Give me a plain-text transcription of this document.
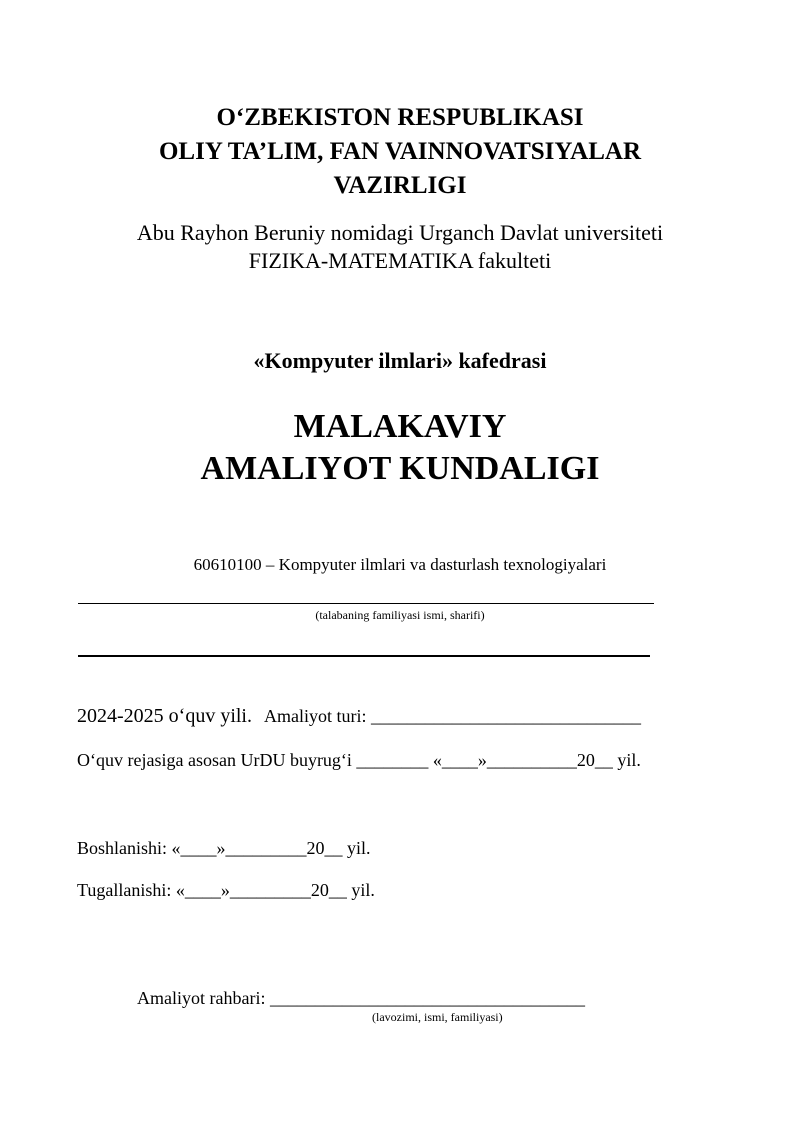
O‘ZBEKISTON RESPUBLIKASI
OLIY TA’LIM, FAN VAINNOVATSIYALAR
VAZIRLIGI
Abu Rayhon Beruniy nomidagi Urganch Davlat universiteti
FIZIKA-MATEMATIKA fakulteti
«Kompyuter ilmlari» kafedrasi
MALAKAVIY
AMALIYOT KUNDALIGI
60610100 – Kompyuter ilmlari va dasturlash texnologiyalari
(talabaning familiyasi ismi, sharifi)
2024-2025 o‘quv yili. Amaliyot turi: ______________________________
O‘quv rejasiga asosan UrDU buyrug‘i ________ «____»__________20__ yil.
Boshlanishi: «____»_________20__ yil.
Tugallanishi: «____»_________20__ yil.
Amaliyot rahbari: ___________________________________
(lavozimi, ismi, familiyasi)
